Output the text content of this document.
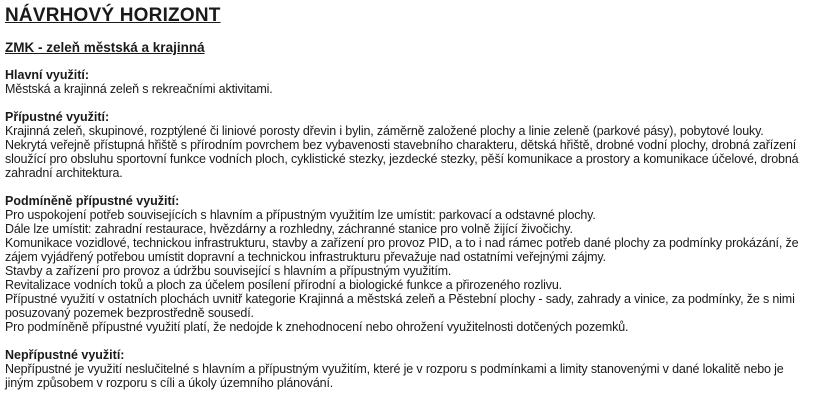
NÁVRHOVÝ HORIZONT
ZMK - zeleň městská a krajinná
Hlavní využití:
Městská a krajinná zeleň s rekreačními aktivitami.
Přípustné využití:
Krajinná zeleň, skupinové, rozptýlené či liniové porosty dřevin i bylin, záměrně založené plochy a linie zeleně (parkové pásy), pobytové louky.
Nekrytá veřejně přístupná hřiště s přírodním povrchem bez vybavenosti stavebního charakteru, dětská hřiště, drobné vodní plochy, drobná zařízení
sloužící pro obsluhu sportovní funkce vodních ploch, cyklistické stezky, jezdecké stezky, pěší komunikace a prostory a komunikace účelové, drobná
zahradní architektura.
Podmíněně přípustné využití:
Pro uspokojení potřeb souvisejících s hlavním a přípustným využitím lze umístit: parkovací a odstavné plochy.
Dále lze umístit: zahradní restaurace, hvězdárny a rozhledny, záchranné stanice pro volně žijící živočichy.
Komunikace vozidlové, technickou infrastrukturu, stavby a zařízení pro provoz PID, a to i nad rámec potřeb dané plochy za podmínky prokázání, že
zájem vyjádřený potřebou umístit dopravní a technickou infrastrukturu převažuje nad ostatními veřejnými zájmy.
Stavby a zařízení pro provoz a údržbu související s hlavním a přípustným využitím.
Revitalizace vodních toků a ploch za účelem posílení přírodní a biologické funkce a přirozeného rozlivu.
Přípustné využití v ostatních plochách uvnitř kategorie Krajinná a městská zeleň a Pěstební plochy - sady, zahrady a vinice, za podmínky, že s nimi
posuzovaný pozemek bezprostředně sousedí.
Pro podmíněně přípustné využití platí, že nedojde k znehodnocení nebo ohrožení využitelnosti dotčených pozemků.
Nepřípustné využití:
Nepřípustné je využití neslučitelné s hlavním a přípustným využitím, které je v rozporu s podmínkami a limity stanovenými v dané lokalitě nebo je
jiným způsobem v rozporu s cíli a úkoly územního plánování.
